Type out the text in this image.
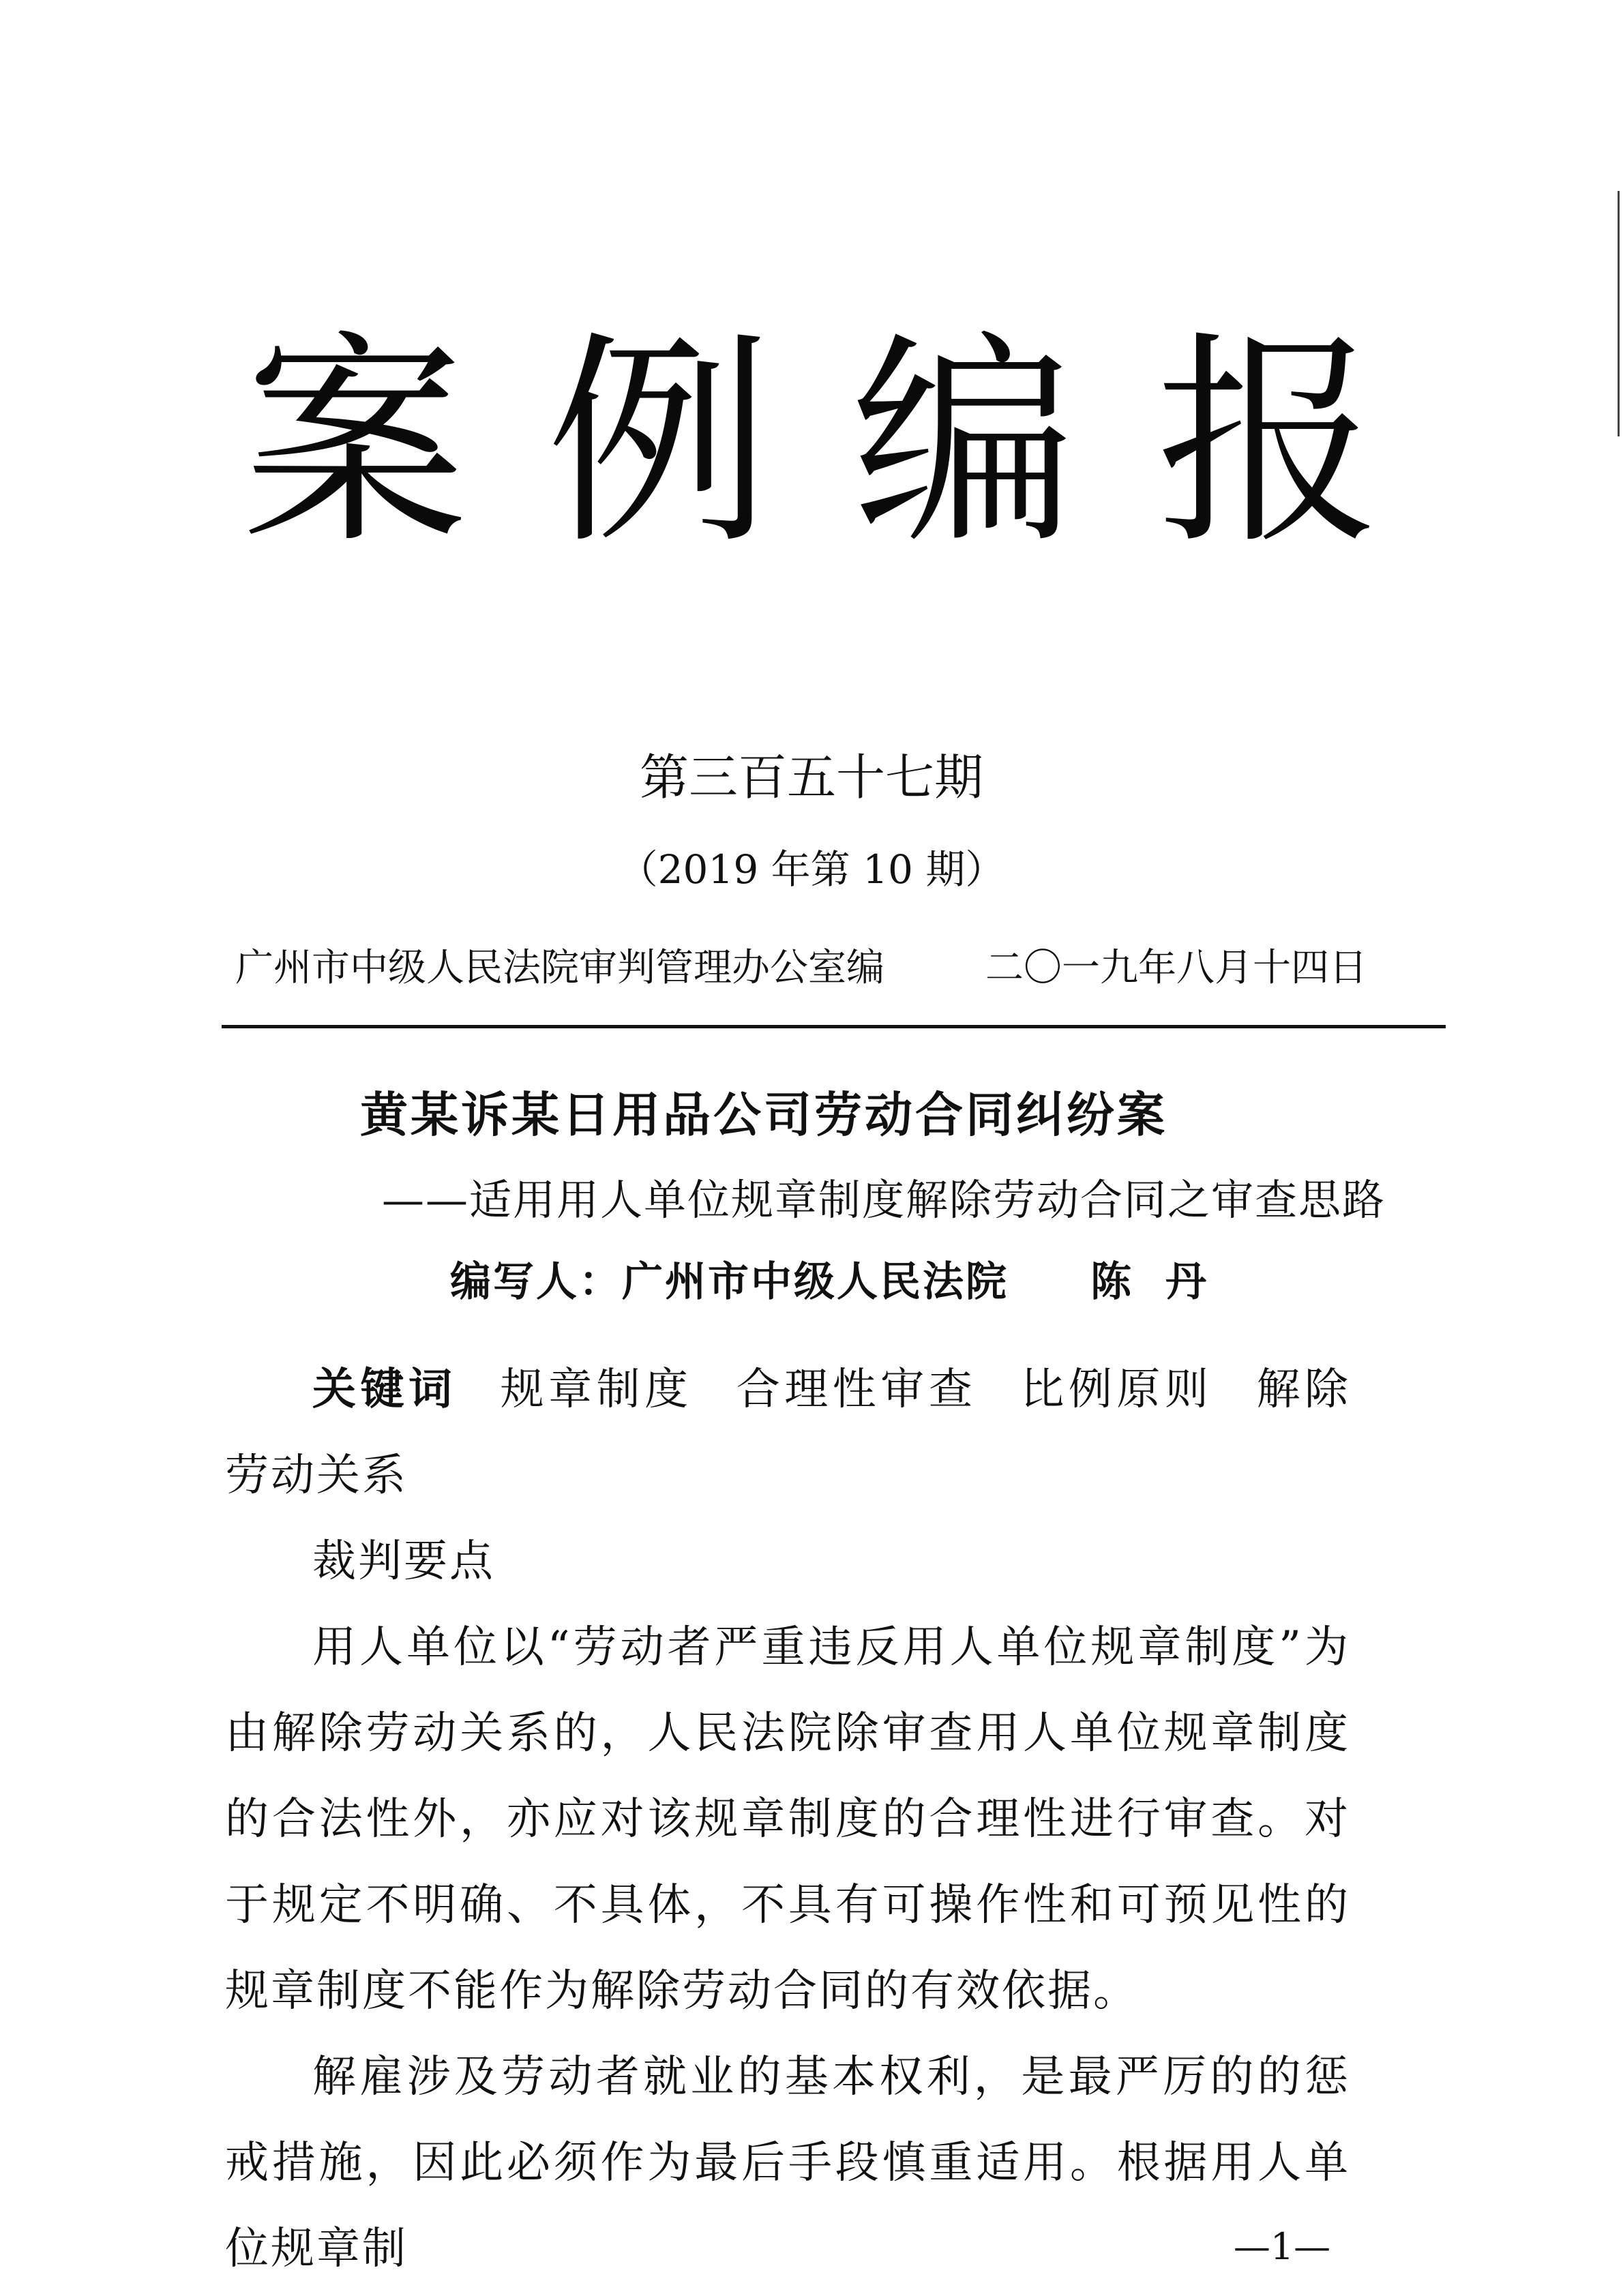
案 例 编 报
第三百五十七期
（2019 年第 10 期）
广州市中级人民法院审判管理办公室编	二〇一九年八月十四日
黄某诉某日用品公司劳动合同纠纷案
——适用用人单位规章制度解除劳动合同之审查思路
编写人：广州市中级人民法院 陈丹

关键词 规章制度 合理性审查 比例原则 解除劳动关系

裁判要点

用人单位以“劳动者严重违反用人单位规章制度”为由解除劳动关系的，人民法院除审查用人单位规章制度的合法性外，亦应对该规章制度的合理性进行审查。对于规定不明确、不具体，不具有可操作性和可预见性的规章制度不能作为解除劳动合同的有效依据。

解雇涉及劳动者就业的基本权利，是最严厉的的惩戒措施，因此必须作为最后手段慎重适用。根据用人单位规章制	—1—
